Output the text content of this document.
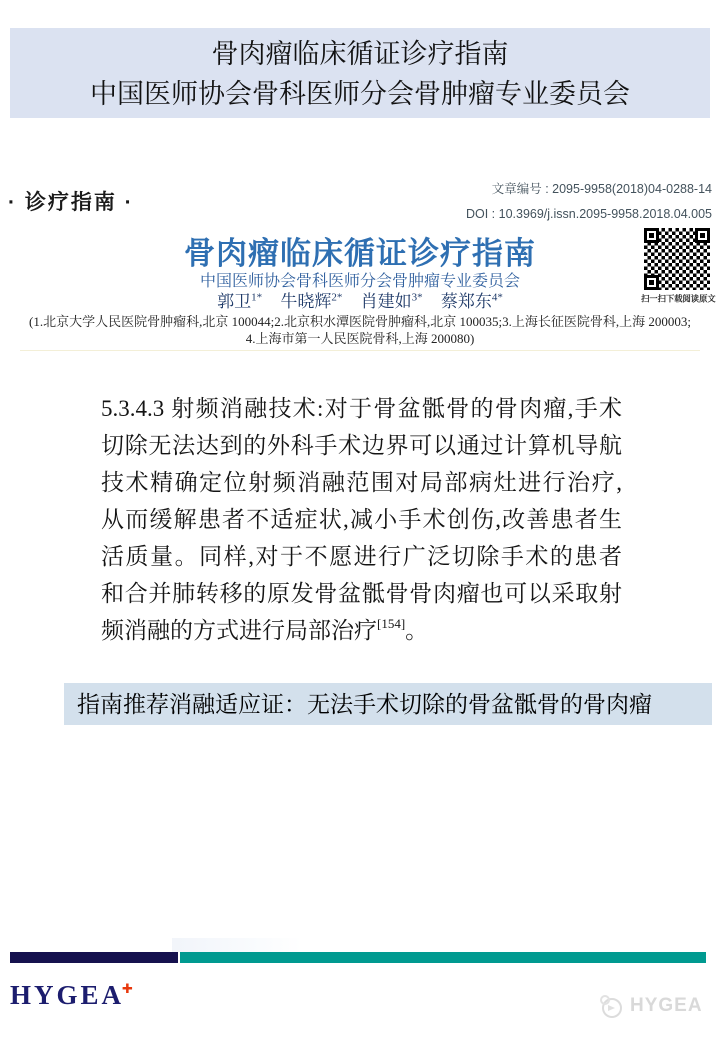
骨肉瘤临床循证诊疗指南
中国医师协会骨科医师分会骨肿瘤专业委员会
· 诊疗指南 ·
文章编号 : 2095-9958(2018)04-0288-14
DOI : 10.3969/j.issn.2095-9958.2018.04.005
骨肉瘤临床循证诊疗指南
中国医师协会骨科医师分会骨肿瘤专业委员会
郭卫$^{1*}$ 牛晓辉$^{2*}$ 肖建如$^{3*}$ 蔡郑东$^{4*}$
(1.北京大学人民医院骨肿瘤科,北京 100044;2.北京积水潭医院骨肿瘤科,北京 100035;3.上海长征医院骨科,上海 200003;
4.上海市第一人民医院骨科,上海 200080)
扫一扫下载阅读原文
5.3.4.3 射频消融技术:对于骨盆骶骨的骨肉瘤,手术
切除无法达到的外科手术边界可以通过计算机导航
技术精确定位射频消融范围对局部病灶进行治疗,
从而缓解患者不适症状,减小手术创伤,改善患者生
活质量。同样,对于不愿进行广泛切除手术的患者
和合并肺转移的原发骨盆骶骨骨肉瘤也可以采取射
频消融的方式进行局部治疗[154]。
指南推荐消融适应证：无法手术切除的骨盆骶骨的骨肉瘤
HYGEA✚
HYGEA
